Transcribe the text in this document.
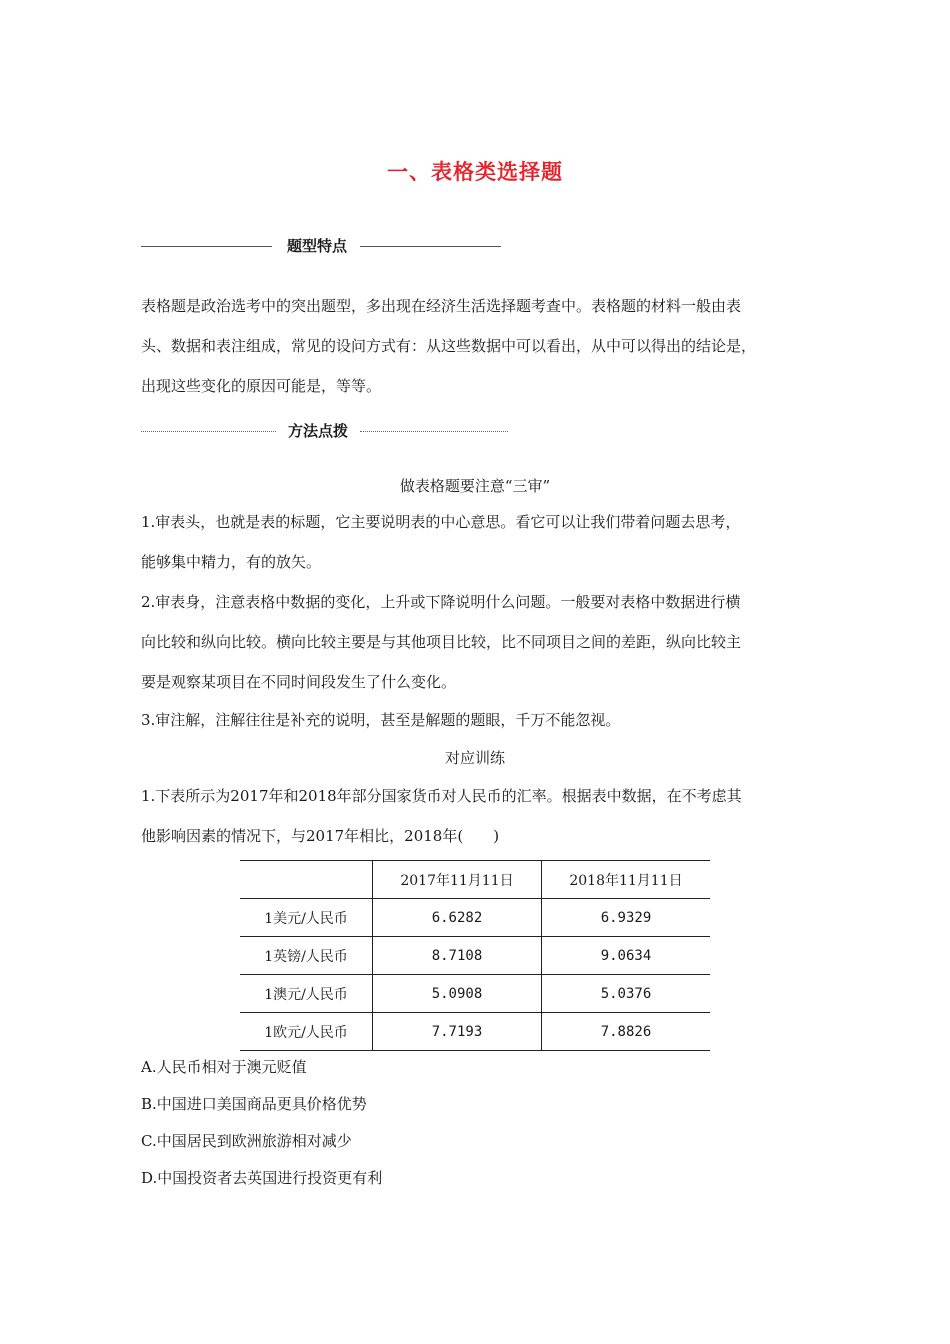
一、表格类选择题
题型特点
表格题是政治选考中的突出题型，多出现在经济生活选择题考查中。表格题的材料一般由表
头、数据和表注组成，常见的设问方式有：从这些数据中可以看出，从中可以得出的结论是，
出现这些变化的原因可能是，等等。
方法点拨
做表格题要注意“三审”
1.审表头，也就是表的标题，它主要说明表的中心意思。看它可以让我们带着问题去思考，
能够集中精力，有的放矢。
2.审表身，注意表格中数据的变化，上升或下降说明什么问题。一般要对表格中数据进行横
向比较和纵向比较。横向比较主要是与其他项目比较，比不同项目之间的差距，纵向比较主
要是观察某项目在不同时间段发生了什么变化。
3.审注解，注解往往是补充的说明，甚至是解题的题眼，千万不能忽视。
对应训练
1.下表所示为2017年和2018年部分国家货币对人民币的汇率。根据表中数据，在不考虑其
他影响因素的情况下，与2017年相比，2018年(　　)
	2017年11月11日	2018年11月11日
1美元/人民币	6.6282	6.9329
1英镑/人民币	8.7108	9.0634
1澳元/人民币	5.0908	5.0376
1欧元/人民币	7.7193	7.8826
A.人民币相对于澳元贬值
B.中国进口美国商品更具价格优势
C.中国居民到欧洲旅游相对减少
D.中国投资者去英国进行投资更有利
